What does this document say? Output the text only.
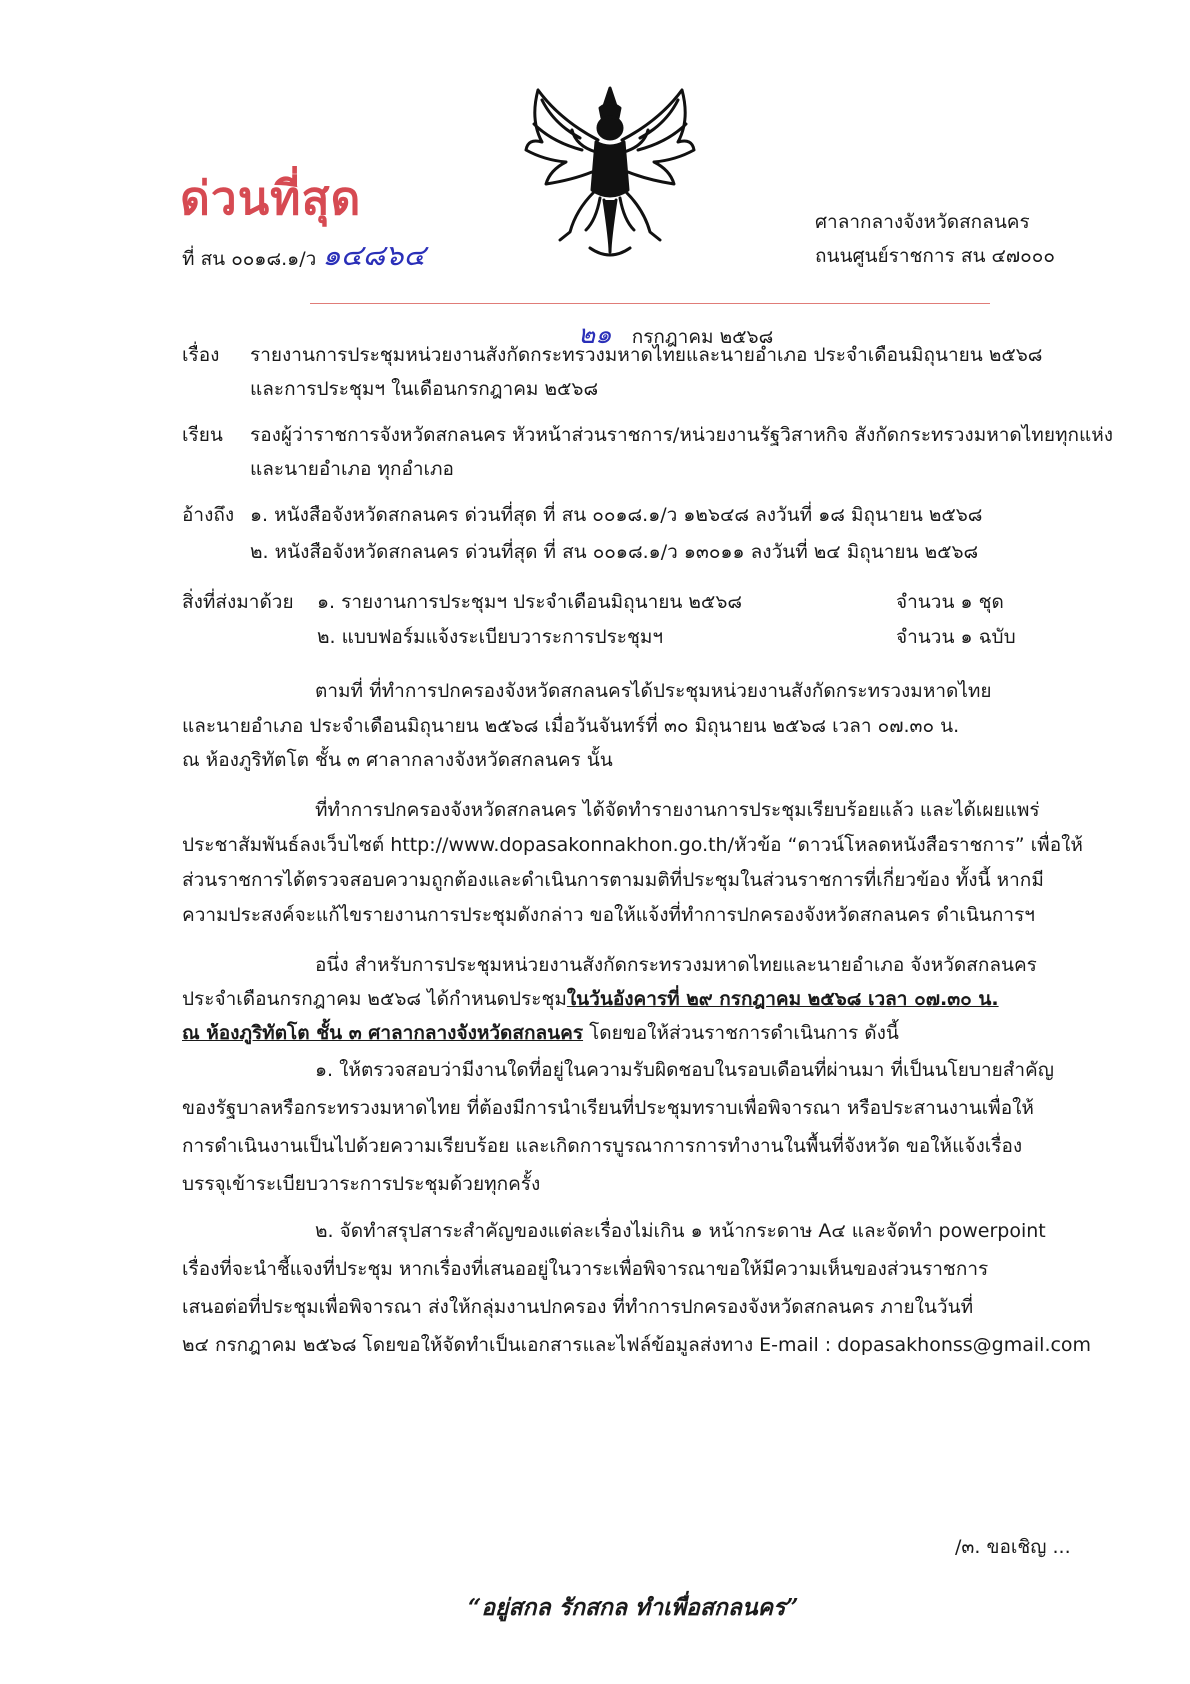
ด่วนที่สุด
ที่ สน ๐๐๑๘.๑/ว ๑๔๘๖๔
ศาลากลางจังหวัดสกลนคร
ถนนศูนย์ราชการ สน ๔๗๐๐๐
๒๑ กรกฎาคม ๒๕๖๘
เรื่อง รายงานการประชุมหน่วยงานสังกัดกระทรวงมหาดไทยและนายอำเภอ ประจำเดือนมิถุนายน ๒๕๖๘
และการประชุมฯ ในเดือนกรกฎาคม ๒๕๖๘
เรียน รองผู้ว่าราชการจังหวัดสกลนคร หัวหน้าส่วนราชการ/หน่วยงานรัฐวิสาหกิจ สังกัดกระทรวงมหาดไทยทุกแห่ง
และนายอำเภอ ทุกอำเภอ
อ้างถึง ๑. หนังสือจังหวัดสกลนคร ด่วนที่สุด ที่ สน ๐๐๑๘.๑/ว ๑๒๖๔๘ ลงวันที่ ๑๘ มิถุนายน ๒๕๖๘
๒. หนังสือจังหวัดสกลนคร ด่วนที่สุด ที่ สน ๐๐๑๘.๑/ว ๑๓๐๑๑ ลงวันที่ ๒๔ มิถุนายน ๒๕๖๘
สิ่งที่ส่งมาด้วย ๑. รายงานการประชุมฯ ประจำเดือนมิถุนายน ๒๕๖๘	จำนวน ๑ ชุด
๒. แบบฟอร์มแจ้งระเบียบวาระการประชุมฯ	จำนวน ๑ ฉบับ
ตามที่ ที่ทำการปกครองจังหวัดสกลนครได้ประชุมหน่วยงานสังกัดกระทรวงมหาดไทย
และนายอำเภอ ประจำเดือนมิถุนายน ๒๕๖๘ เมื่อวันจันทร์ที่ ๓๐ มิถุนายน ๒๕๖๘ เวลา ๐๗.๓๐ น.
ณ ห้องภูริทัตโต ชั้น ๓ ศาลากลางจังหวัดสกลนคร นั้น
ที่ทำการปกครองจังหวัดสกลนคร ได้จัดทำรายงานการประชุมเรียบร้อยแล้ว และได้เผยแพร่
ประชาสัมพันธ์ลงเว็บไซต์ http://www.dopasakonnakhon.go.th/หัวข้อ “ดาวน์โหลดหนังสือราชการ” เพื่อให้
ส่วนราชการได้ตรวจสอบความถูกต้องและดำเนินการตามมติที่ประชุมในส่วนราชการที่เกี่ยวข้อง ทั้งนี้ หากมี
ความประสงค์จะแก้ไขรายงานการประชุมดังกล่าว ขอให้แจ้งที่ทำการปกครองจังหวัดสกลนคร ดำเนินการฯ
อนึ่ง สำหรับการประชุมหน่วยงานสังกัดกระทรวงมหาดไทยและนายอำเภอ จังหวัดสกลนคร
ประจำเดือนกรกฎาคม ๒๕๖๘ ได้กำหนดประชุมในวันอังคารที่ ๒๙ กรกฎาคม ๒๕๖๘ เวลา ๐๗.๓๐ น.
ณ ห้องภูริทัตโต ชั้น ๓ ศาลากลางจังหวัดสกลนคร โดยขอให้ส่วนราชการดำเนินการ ดังนี้
๑. ให้ตรวจสอบว่ามีงานใดที่อยู่ในความรับผิดชอบในรอบเดือนที่ผ่านมา ที่เป็นนโยบายสำคัญ
ของรัฐบาลหรือกระทรวงมหาดไทย ที่ต้องมีการนำเรียนที่ประชุมทราบเพื่อพิจารณา หรือประสานงานเพื่อให้
การดำเนินงานเป็นไปด้วยความเรียบร้อย และเกิดการบูรณาการการทำงานในพื้นที่จังหวัด ขอให้แจ้งเรื่อง
บรรจุเข้าระเบียบวาระการประชุมด้วยทุกครั้ง
๒. จัดทำสรุปสาระสำคัญของแต่ละเรื่องไม่เกิน ๑ หน้ากระดาษ A๔ และจัดทำ powerpoint
เรื่องที่จะนำชี้แจงที่ประชุม หากเรื่องที่เสนออยู่ในวาระเพื่อพิจารณาขอให้มีความเห็นของส่วนราชการ
เสนอต่อที่ประชุมเพื่อพิจารณา ส่งให้กลุ่มงานปกครอง ที่ทำการปกครองจังหวัดสกลนคร ภายในวันที่
๒๔ กรกฎาคม ๒๕๖๘ โดยขอให้จัดทำเป็นเอกสารและไฟล์ข้อมูลส่งทาง E-mail : dopasakhonss@gmail.com
/๓. ขอเชิญ ...
“อยู่สกล รักสกล ทำเพื่อสกลนคร”
